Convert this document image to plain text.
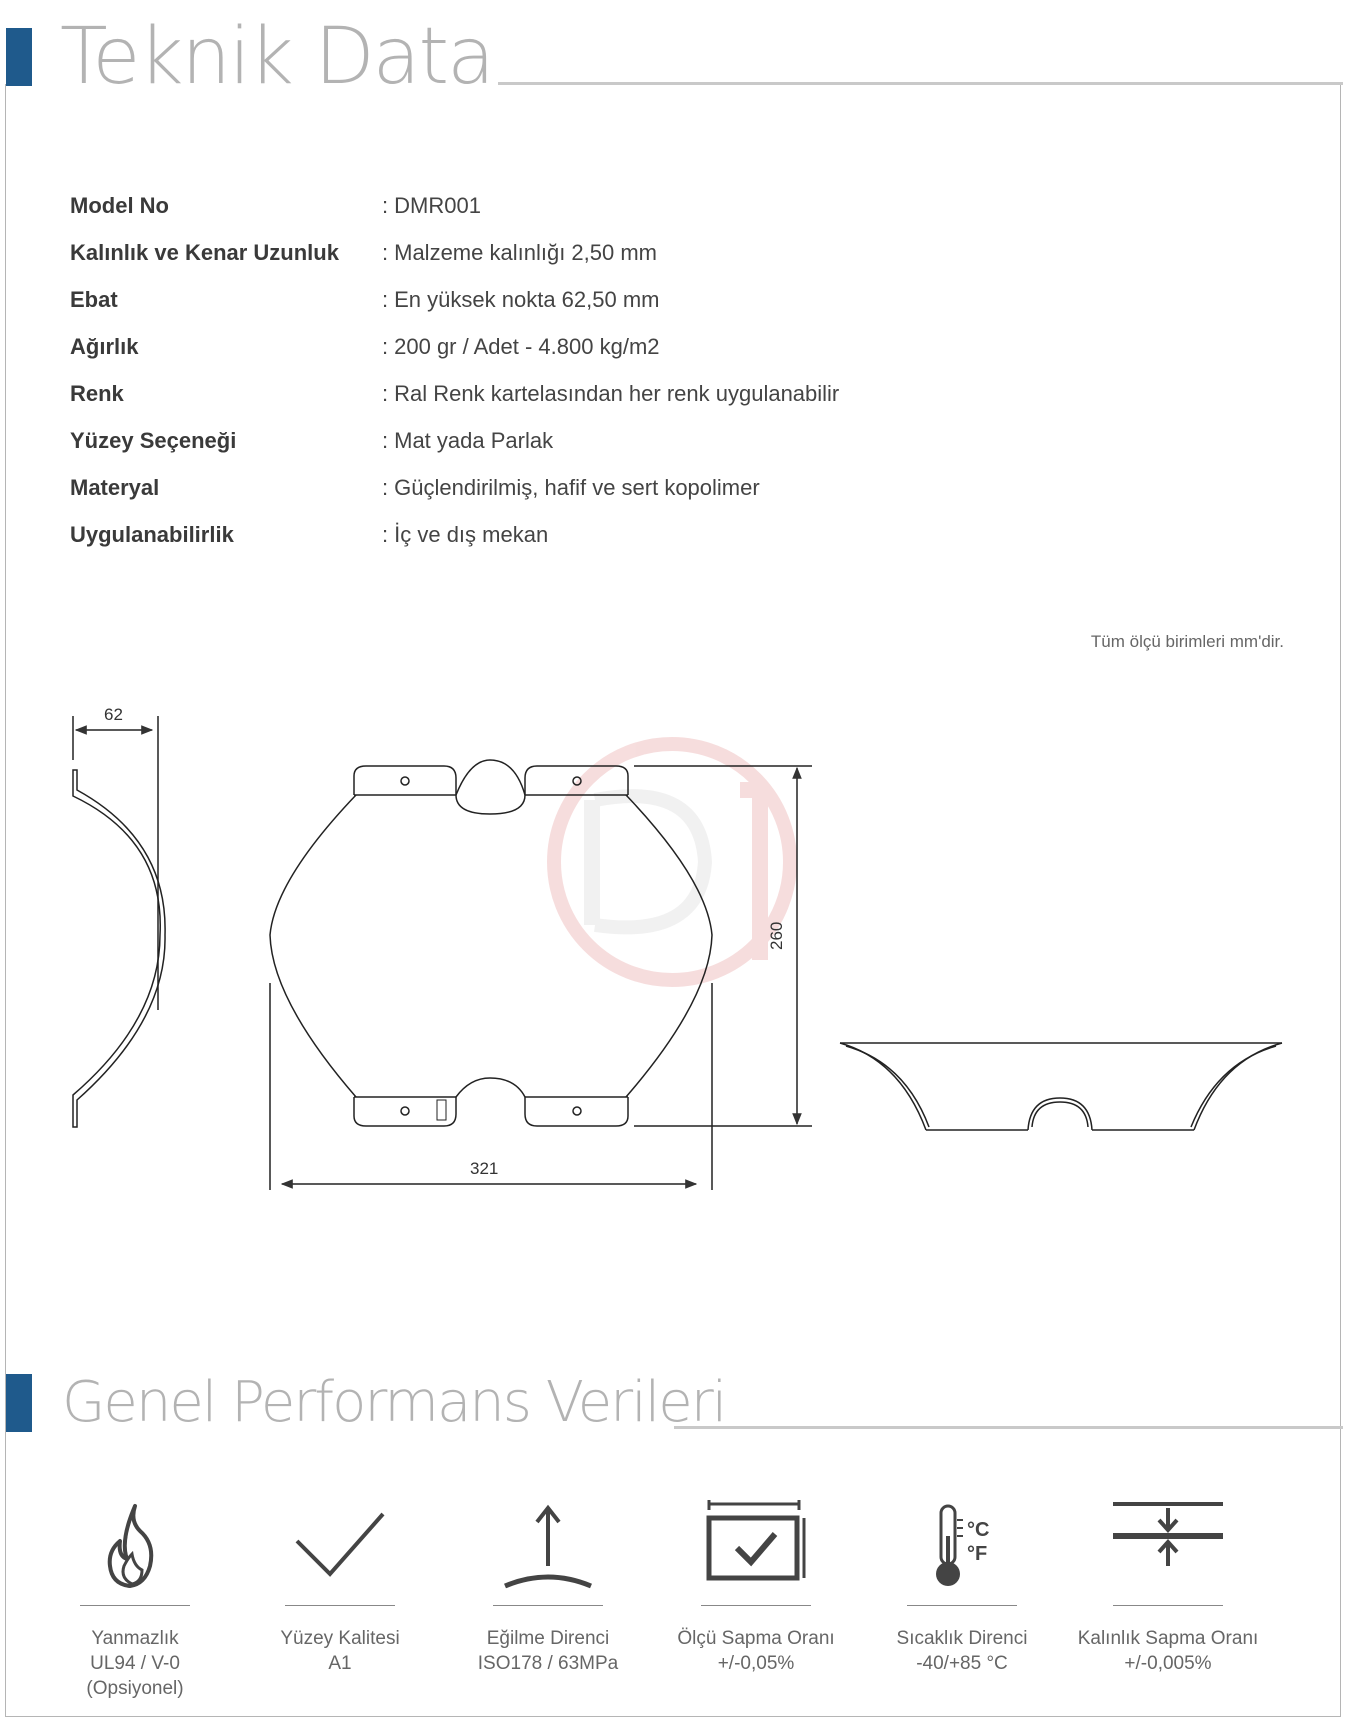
Teknik Data
Model No	: DMR001
Kalınlık ve Kenar Uzunluk	: Malzeme kalınlığı 2,50 mm
Ebat	: En yüksek nokta 62,50 mm
Ağırlık	: 200 gr / Adet - 4.800 kg/m2
Renk	: Ral Renk kartelasından her renk uygulanabilir
Yüzey Seçeneği	: Mat yada Parlak
Materyal	: Güçlendirilmiş, hafif ve sert kopolimer
Uygulanabilirlik	: İç ve dış mekan
Tüm ölçü birimleri mm'dir.
62
260
321
Genel Performans Verileri
Yanmazlık
UL94 / V-0
(Opsiyonel)
Yüzey Kalitesi
A1
Eğilme Direnci
ISO178 / 63MPa
Ölçü Sapma Oranı
+/-0,05%
°C
°F
Sıcaklık Direnci
-40/+85 °C
Kalınlık Sapma Oranı
+/-0,005%
